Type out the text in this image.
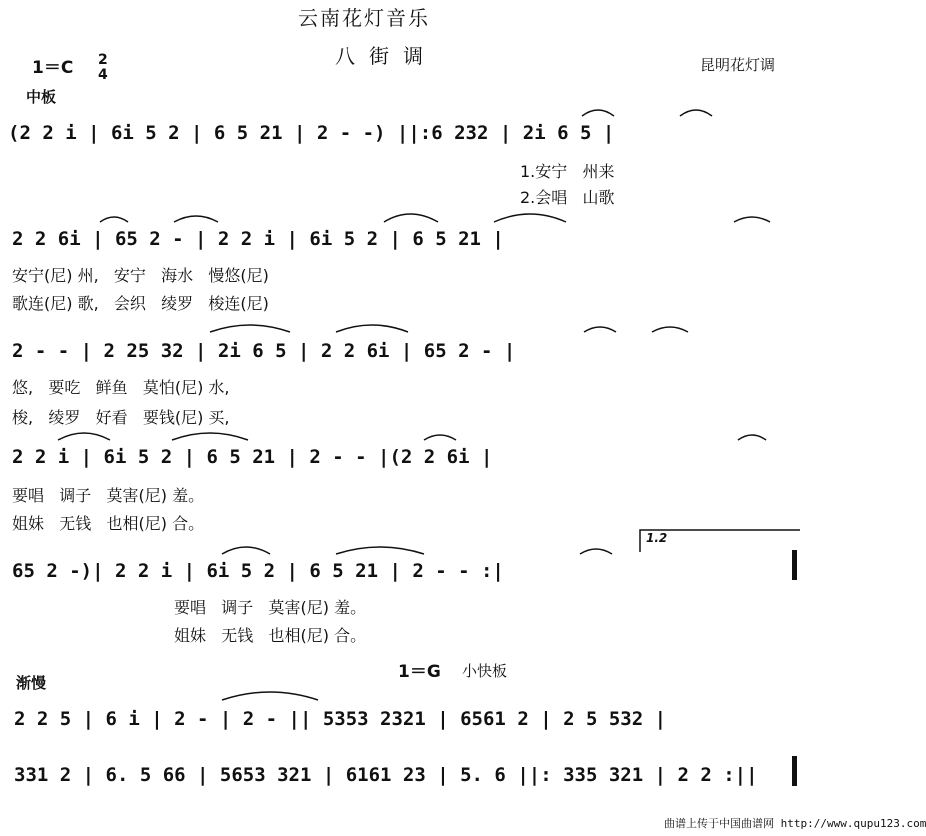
云南花灯音乐
八街调
1＝C 2
4
中板
昆明花灯调
(2 2 i | 6i 5 2 | 6 5 21 | 2 - -) ||:6 232 | 2i 6 5 |
1.安宁   州来
2.会唱   山歌
2 2 6i | 65 2 - | 2 2 i | 6i 5 2 | 6 5 21 |
安宁(尼) 州,   安宁   海水   慢悠(尼)
歌连(尼) 歌,   会织   绫罗   梭连(尼)
2 - - | 2 25 32 | 2i 6 5 | 2 2 6i | 65 2 - |
悠,   要吃   鲜鱼   莫怕(尼) 水,
梭,   绫罗   好看   要钱(尼) 买,
2 2 i | 6i 5 2 | 6 5 21 | 2 - - |(2 2 6i |
要唱   调子   莫害(尼) 羞。
姐妹   无钱   也相(尼) 合。
1.2
65 2 -)| 2 2 i | 6i 5 2 | 6 5 21 | 2 - - :|
要唱   调子   莫害(尼) 羞。
姐妹   无钱   也相(尼) 合。
渐慢
1＝G 小快板
2 2 5 | 6 i | 2 - | 2 - || 5353 2321 | 6561 2 | 2 5 532 |
331 2 | 6. 5 66 | 5653 321 | 6161 23 | 5. 6 ||: 335 321 | 2 2 :||
曲谱上传于中国曲谱网 http://www.qupu123.com
